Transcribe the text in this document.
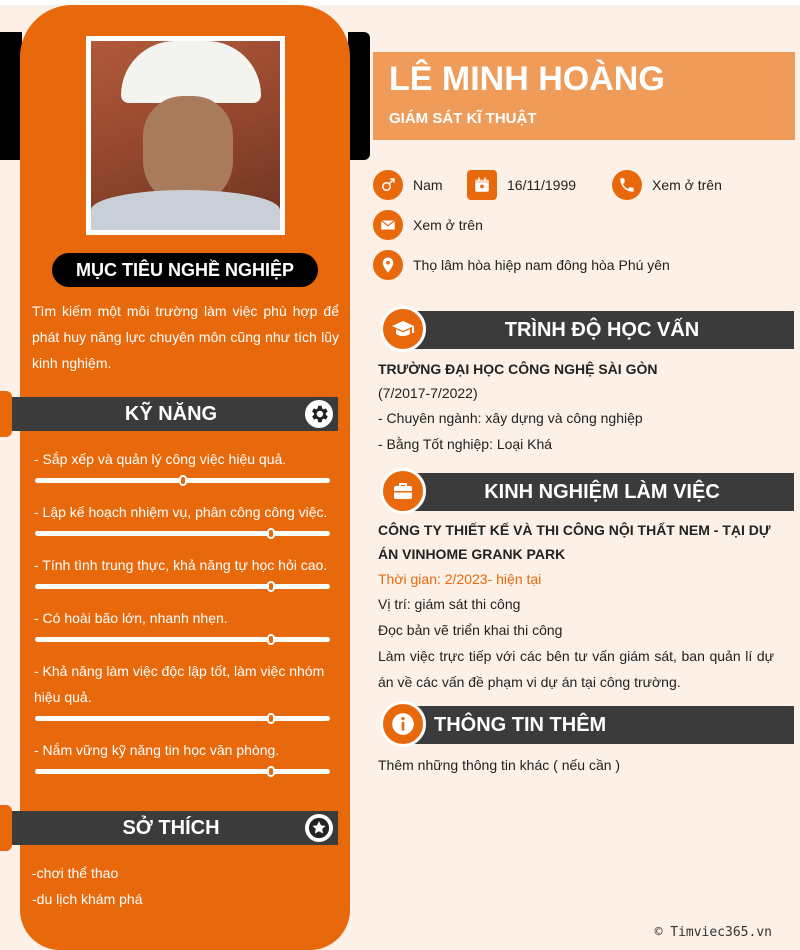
MỤC TIÊU NGHỀ NGHIỆP
Tìm kiếm một môi trường làm việc phù hợp để phát huy năng lực chuyên môn cũng như tích lũy kinh nghiệm.
KỸ NĂNG
- Sắp xếp và quản lý công việc hiệu quả.
- Lập kế hoạch nhiệm vụ, phân công công việc.
- Tính tình trung thực, khả năng tự học hỏi cao.
- Có hoài bão lớn, nhanh nhẹn.
- Khả năng làm việc độc lập tốt, làm việc nhóm hiệu quả.
- Nắm vững kỹ năng tin học văn phòng.
SỞ THÍCH
-chơi thể thao
-du lịch khám phá
LÊ MINH HOÀNG
GIÁM SÁT KĨ THUẬT
Nam	16/11/1999	Xem ở trên
Xem ở trên
Thọ lâm hòa hiệp nam đông hòa Phú yên
TRÌNH ĐỘ HỌC VẤN
TRƯỜNG ĐẠI HỌC CÔNG NGHỆ SÀI GÒN
(7/2017-7/2022)
- Chuyên ngành: xây dựng và công nghiệp
- Bằng Tốt nghiệp: Loại Khá
KINH NGHIỆM LÀM VIỆC
CÔNG TY THIẾT KẾ VÀ THI CÔNG NỘI THẤT NEM - TẠI DỰ ÁN VINHOME GRANK PARK
Thời gian: 2/2023- hiện tại
Vị trí: giám sát thi công
Đọc bản vẽ triển khai thi công
Làm việc trực tiếp với các bên tư vấn giám sát, ban quản lí dự án về các vấn đề phạm vi dự án tại công trường.
THÔNG TIN THÊM
Thêm những thông tin khác ( nếu cần )
© Timviec365.vn
